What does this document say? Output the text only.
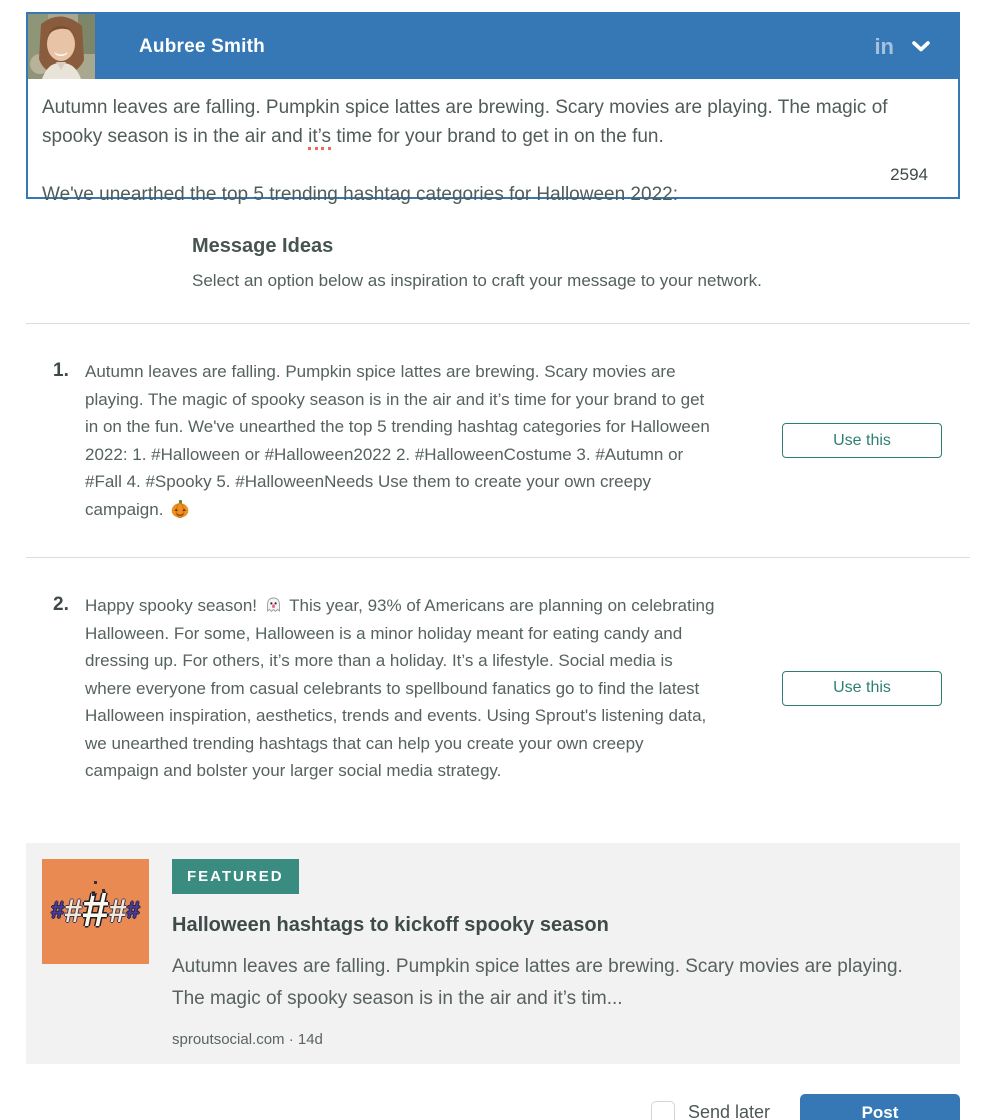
Aubree Smith	in

Autumn leaves are falling. Pumpkin spice lattes are brewing. Scary movies are playing. The magic of spooky season is in the air and it’s time for your brand to get in on the fun.

We've unearthed the top 5 trending hashtag categories for Halloween 2022:

2594
Message Ideas
Select an option below as inspiration to craft your message to your network.
1. Autumn leaves are falling. Pumpkin spice lattes are brewing. Scary movies are playing. The magic of spooky season is in the air and it’s time for your brand to get in on the fun. We've unearthed the top 5 trending hashtag categories for Halloween 2022: 1. #Halloween or #Halloween2022 2. #HalloweenCostume 3. #Autumn or #Fall 4. #Spooky 5. #HalloweenNeeds Use them to create your own creepy campaign.
Use this
2. Happy spooky season! This year, 93% of Americans are planning on celebrating Halloween. For some, Halloween is a minor holiday meant for eating candy and dressing up. For others, it’s more than a holiday. It’s a lifestyle. Social media is where everyone from casual celebrants to spellbound fanatics go to find the latest Halloween inspiration, aesthetics, trends and events. Using Sprout's listening data, we unearthed trending hashtags that can help you create your own creepy campaign and bolster your larger social media strategy.
Use this
# # # # #
FEATURED
Halloween hashtags to kickoff spooky season
Autumn leaves are falling. Pumpkin spice lattes are brewing. Scary movies are playing. The magic of spooky season is in the air and it’s tim...
sproutsocial.com · 14d
Send later	Post
